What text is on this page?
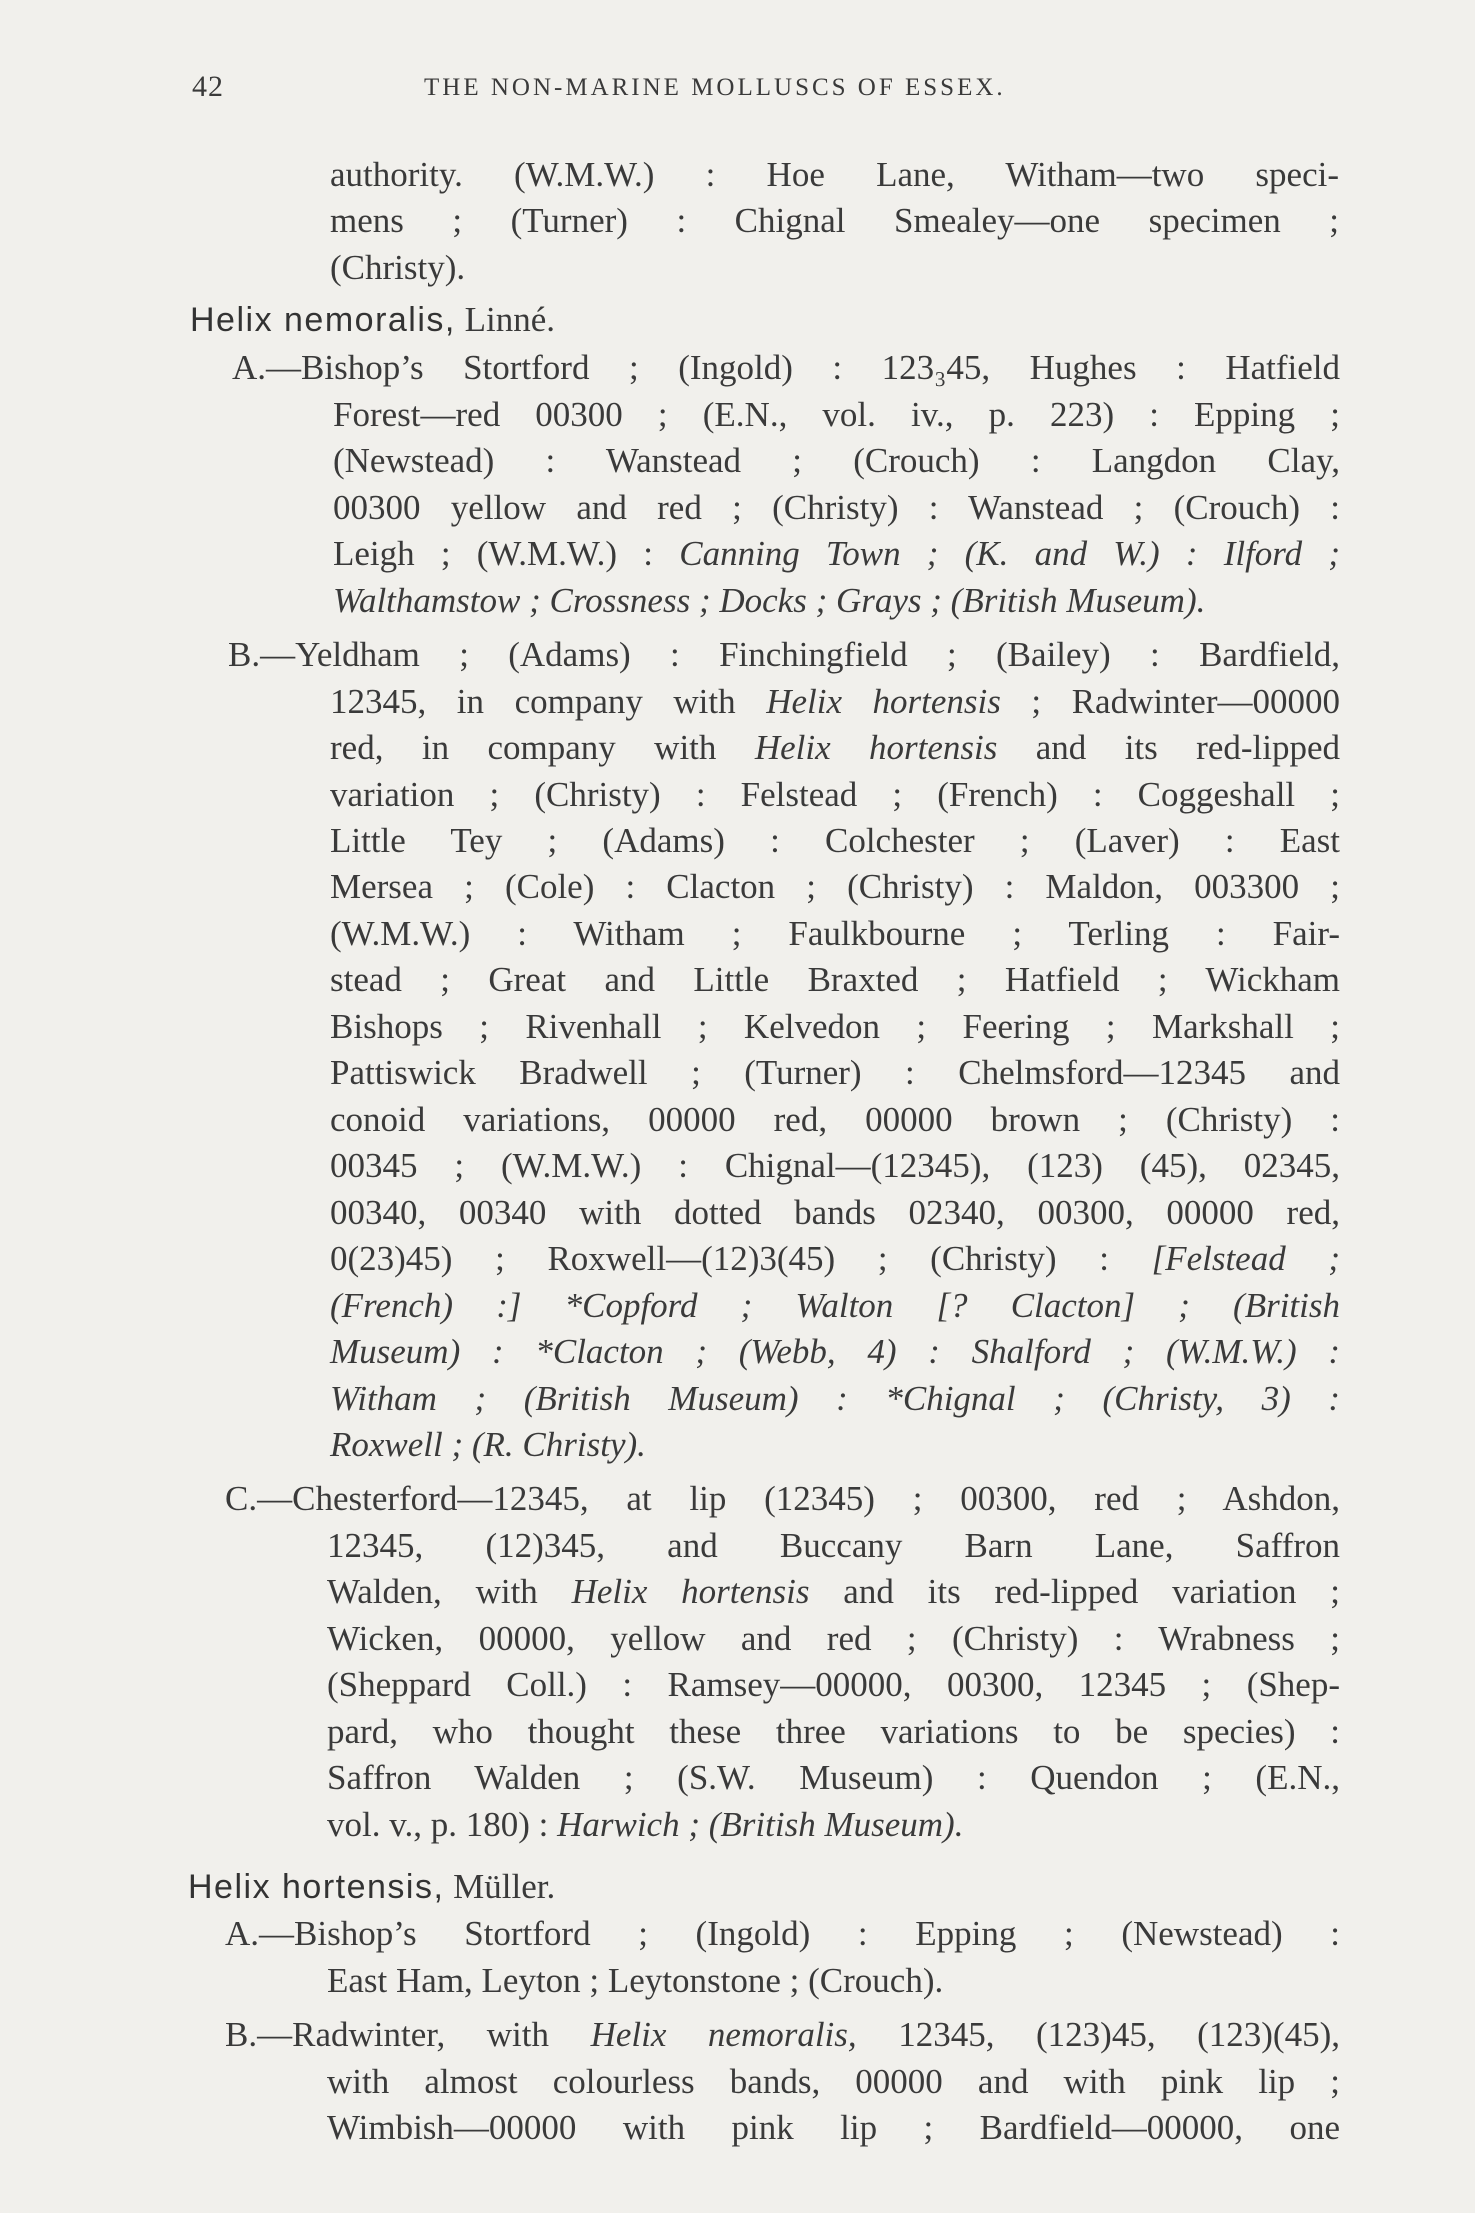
42	THE NON-MARINE MOLLUSCS OF ESSEX.
authority. (W.M.W.) : Hoe Lane, Witham—two speci-
mens ; (Turner) : Chignal Smealey—one specimen ;
(Christy).
Helix nemoralis, Linné.
A.—Bishop’s Stortford ; (Ingold) : 123₃45, Hughes : Hatfield
Forest—red 00300 ; (E.N., vol. iv., p. 223) : Epping ;
(Newstead) : Wanstead ; (Crouch) : Langdon Clay,
00300 yellow and red ; (Christy) : Wanstead ; (Crouch) :
Leigh ; (W.M.W.) : Canning Town ; (K. and W.) : Ilford ;
Walthamstow ; Crossness ; Docks ; Grays ; (British Museum).
B.—Yeldham ; (Adams) : Finchingfield ; (Bailey) : Bardfield,
12345, in company with Helix hortensis ; Radwinter—00000
red, in company with Helix hortensis and its red-lipped
variation ; (Christy) : Felstead ; (French) : Coggeshall ;
Little Tey ; (Adams) : Colchester ; (Laver) : East
Mersea ; (Cole) : Clacton ; (Christy) : Maldon, 003300 ;
(W.M.W.) : Witham ; Faulkbourne ; Terling : Fair-
stead ; Great and Little Braxted ; Hatfield ; Wickham
Bishops ; Rivenhall ; Kelvedon ; Feering ; Markshall ;
Pattiswick Bradwell ; (Turner) : Chelmsford—12345 and
conoid variations, 00000 red, 00000 brown ; (Christy) :
00345 ; (W.M.W.) : Chignal—(12345), (123) (45), 02345,
00340, 00340 with dotted bands 02340, 00300, 00000 red,
0(23)45) ; Roxwell—(12)3(45) ; (Christy) : [Felstead ;
(French) :] *Copford ; Walton [? Clacton] ; (British
Museum) : *Clacton ; (Webb, 4) : Shalford ; (W.M.W.) :
Witham ; (British Museum) : *Chignal ; (Christy, 3) :
Roxwell ; (R. Christy).
C.—Chesterford—12345, at lip (12345) ; 00300, red ; Ashdon,
12345, (12)345, and Buccany Barn Lane, Saffron
Walden, with Helix hortensis and its red-lipped variation ;
Wicken, 00000, yellow and red ; (Christy) : Wrabness ;
(Sheppard Coll.) : Ramsey—00000, 00300, 12345 ; (Shep-
pard, who thought these three variations to be species) :
Saffron Walden ; (S.W. Museum) : Quendon ; (E.N.,
vol. v., p. 180) : Harwich ; (British Museum).
Helix hortensis, Müller.
A.—Bishop’s Stortford ; (Ingold) : Epping ; (Newstead) :
East Ham, Leyton ; Leytonstone ; (Crouch).
B.—Radwinter, with Helix nemoralis, 12345, (123)45, (123)(45),
with almost colourless bands, 00000 and with pink lip ;
Wimbish—00000 with pink lip ; Bardfield—00000, one
